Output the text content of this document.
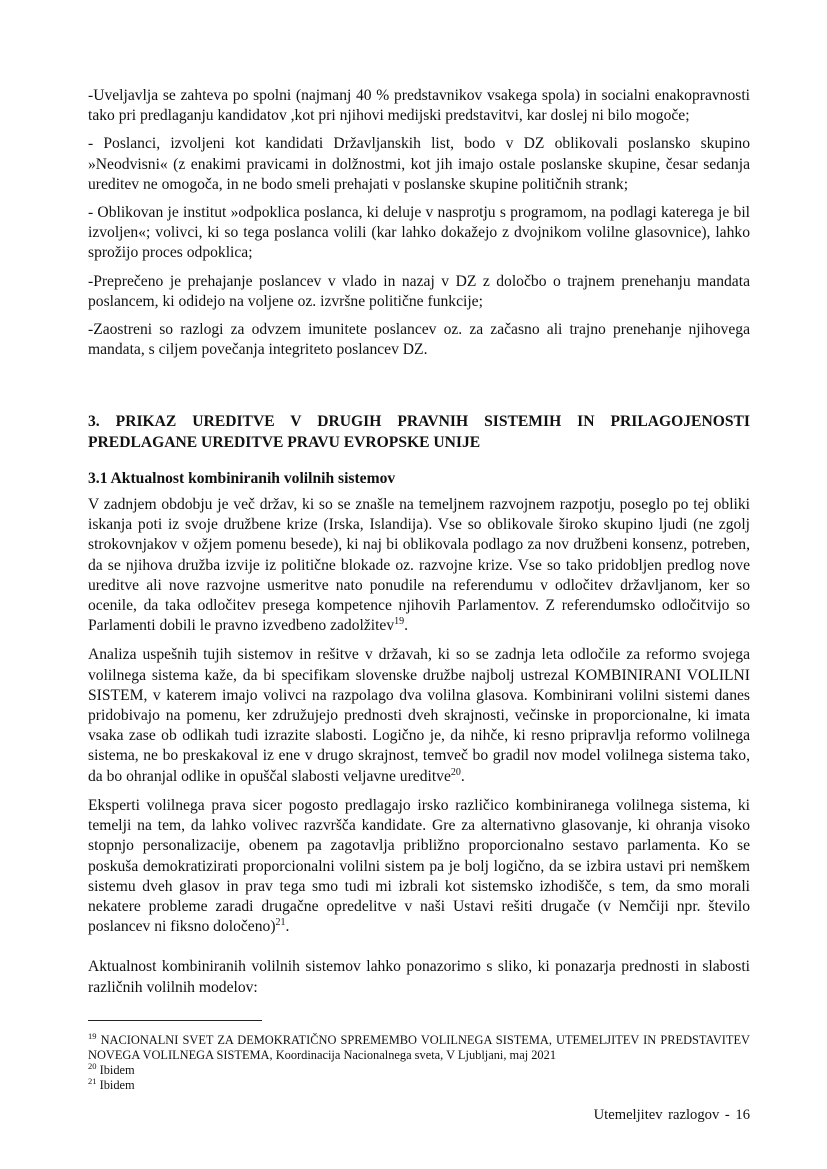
-Uveljavlja se zahteva po spolni (najmanj 40 % predstavnikov vsakega spola) in socialni enakopravnosti tako pri predlaganju kandidatov ,kot pri njihovi medijski predstavitvi, kar doslej ni bilo mogoče;

- Poslanci, izvoljeni kot kandidati Državljanskih list, bodo v DZ oblikovali poslansko skupino »Neodvisni« (z enakimi pravicami in dolžnostmi, kot jih imajo ostale poslanske skupine, česar sedanja ureditev ne omogoča, in ne bodo smeli prehajati v poslanske skupine političnih strank;

- Oblikovan je institut »odpoklica poslanca, ki deluje v nasprotju s programom, na podlagi katerega je bil izvoljen«; volivci, ki so tega poslanca volili (kar lahko dokažejo z dvojnikom volilne glasovnice), lahko sprožijo proces odpoklica;

-Preprečeno je prehajanje poslancev v vlado in nazaj v DZ z določbo o trajnem prenehanju mandata poslancem, ki odidejo na voljene oz. izvršne politične funkcije;

-Zaostreni so razlogi za odvzem imunitete poslancev oz. za začasno ali trajno prenehanje njihovega mandata, s ciljem povečanja integriteto poslancev DZ.

3. PRIKAZ UREDITVE V DRUGIH PRAVNIH SISTEMIH IN PRILAGOJENOSTI PREDLAGANE UREDITVE PRAVU EVROPSKE UNIJE
3.1 Aktualnost kombiniranih volilnih sistemov

V zadnjem obdobju je več držav, ki so se znašle na temeljnem razvojnem razpotju, poseglo po tej obliki iskanja poti iz svoje družbene krize (Irska, Islandija). Vse so oblikovale široko skupino ljudi (ne zgolj strokovnjakov v ožjem pomenu besede), ki naj bi oblikovala podlago za nov družbeni konsenz, potreben, da se njihova družba izvije iz politične blokade oz. razvojne krize. Vse so tako pridobljen predlog nove ureditve ali nove razvojne usmeritve nato ponudile na referendumu v odločitev državljanom, ker so ocenile, da taka odločitev presega kompetence njihovih Parlamentov. Z referendumsko odločitvijo so Parlamenti dobili le pravno izvedbeno zadolžitev$^{19}$.

Analiza uspešnih tujih sistemov in rešitve v državah, ki so se zadnja leta odločile za reformo svojega volilnega sistema kaže, da bi specifikam slovenske družbe najbolj ustrezal KOMBINIRANI VOLILNI SISTEM, v katerem imajo volivci na razpolago dva volilna glasova. Kombinirani volilni sistemi danes pridobivajo na pomenu, ker združujejo prednosti dveh skrajnosti, večinske in proporcionalne, ki imata vsaka zase ob odlikah tudi izrazite slabosti. Logično je, da nihče, ki resno pripravlja reformo volilnega sistema, ne bo preskakoval iz ene v drugo skrajnost, temveč bo gradil nov model volilnega sistema tako, da bo ohranjal odlike in opuščal slabosti veljavne ureditve$^{20}$.

Eksperti volilnega prava sicer pogosto predlagajo irsko različico kombiniranega volilnega sistema, ki temelji na tem, da lahko volivec razvršča kandidate. Gre za alternativno glasovanje, ki ohranja visoko stopnjo personalizacije, obenem pa zagotavlja približno proporcionalno sestavo parlamenta. Ko se poskuša demokratizirati proporcionalni volilni sistem pa je bolj logično, da se izbira ustavi pri nemškem sistemu dveh glasov in prav tega smo tudi mi izbrali kot sistemsko izhodišče, s tem, da smo morali nekatere probleme zaradi drugačne opredelitve v naši Ustavi rešiti drugače (v Nemčiji npr. število poslancev ni fiksno določeno)$^{21}$.

Aktualnost kombiniranih volilnih sistemov lahko ponazorimo s sliko, ki ponazarja prednosti in slabosti različnih volilnih modelov:

$^{19}$ NACIONALNI SVET ZA DEMOKRATIČNO SPREMEMBO VOLILNEGA SISTEMA, UTEMELJITEV IN PREDSTAVITEV NOVEGA VOLILNEGA SISTEMA, Koordinacija Nacionalnega sveta, V Ljubljani, maj 2021
$^{20}$ Ibidem
$^{21}$ Ibidem
Utemeljitev razlogov - 16
